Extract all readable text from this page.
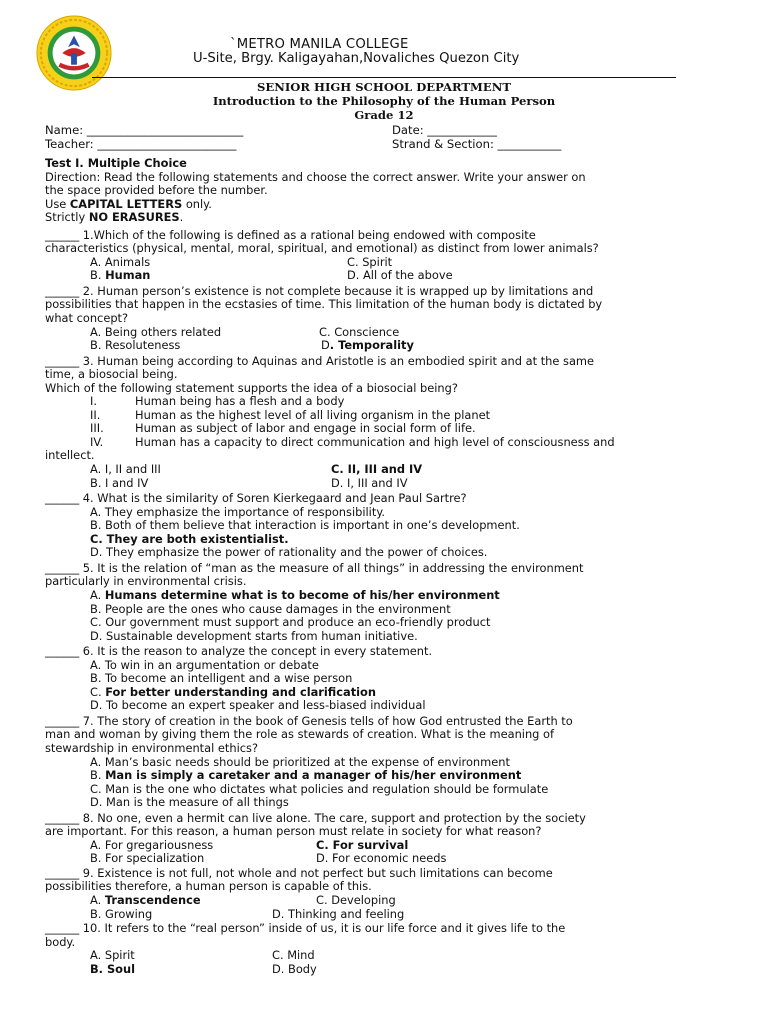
`METRO MANILA COLLEGE
U-Site, Brgy. Kaligayahan,Novaliches Quezon City
SENIOR HIGH SCHOOL DEPARTMENT
Introduction to the Philosophy of the Human Person
Grade 12
Name: ___________________________	Date: ____________
Teacher: ________________________	Strand & Section: ___________

Test I. Multiple Choice

Direction: Read the following statements and choose the correct answer. Write your answer on

the space provided before the number.

Use CAPITAL LETTERS only.

Strictly NO ERASURES.

______ 1.Which of the following is defined as a rational being endowed with composite

characteristics (physical, mental, moral, spiritual, and emotional) as distinct from lower animals?

A. Animals	C. Spirit
B. Human	D. All of the above

______ 2. Human person’s existence is not complete because it is wrapped up by limitations and

possibilities that happen in the ecstasies of time. This limitation of the human body is dictated by

what concept?

A. Being others related	C. Conscience
B. Resoluteness	D. Temporality

______ 3. Human being according to Aquinas and Aristotle is an embodied spirit and at the same

time, a biosocial being.

Which of the following statement supports the idea of a biosocial being?

I.	Human being has a flesh and a body
II.	Human as the highest level of all living organism in the planet
III.	Human as subject of labor and engage in social form of life.
IV.	Human has a capacity to direct communication and high level of consciousness and

intellect.

A. I, II and III	C. II, III and IV
B. I and IV	D. I, III and IV

______ 4. What is the similarity of Soren Kierkegaard and Jean Paul Sartre?

A. They emphasize the importance of responsibility.

B. Both of them believe that interaction is important in one’s development.

C. They are both existentialist.

D. They emphasize the power of rationality and the power of choices.

______ 5. It is the relation of “man as the measure of all things” in addressing the environment

particularly in environmental crisis.

A. Humans determine what is to become of his/her environment

B. People are the ones who cause damages in the environment

C. Our government must support and produce an eco-friendly product

D. Sustainable development starts from human initiative.

______ 6. It is the reason to analyze the concept in every statement.

A. To win in an argumentation or debate

B. To become an intelligent and a wise person

C. For better understanding and clarification

D. To become an expert speaker and less-biased individual

______ 7. The story of creation in the book of Genesis tells of how God entrusted the Earth to

man and woman by giving them the role as stewards of creation. What is the meaning of

stewardship in environmental ethics?

A. Man’s basic needs should be prioritized at the expense of environment

B. Man is simply a caretaker and a manager of his/her environment

C. Man is the one who dictates what policies and regulation should be formulate

D. Man is the measure of all things

______ 8. No one, even a hermit can live alone. The care, support and protection by the society

are important. For this reason, a human person must relate in society for what reason?

A. For gregariousness	C. For survival
B. For specialization	D. For economic needs

______ 9. Existence is not full, not whole and not perfect but such limitations can become

possibilities therefore, a human person is capable of this.

A. Transcendence	C. Developing
B. Growing	D. Thinking and feeling

______ 10. It refers to the “real person” inside of us, it is our life force and it gives life to the

body.

A. Spirit	C. Mind
B. Soul	D. Body
